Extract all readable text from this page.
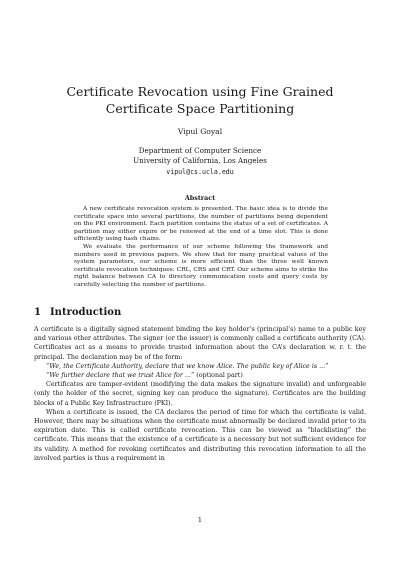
Certificate Revocation using Fine Grained
Certificate Space Partitioning
Vipul Goyal
Department of Computer Science
University of California, Los Angeles
vipul@cs.ucla.edu
Abstract

A new certificate revocation system is presented. The basic idea is to divide the certificate space into several partitions, the number of partitions being dependent on the PKI environment. Each partition contains the status of a set of certificates. A partition may either expire or be renewed at the end of a time slot. This is done efficiently using hash chains.

We evaluate the performance of our scheme following the framework and numbers used in previous papers. We show that for many practical values of the system parameters, our scheme is more efficient than the three well known certificate revocation techniques: CRL, CRS and CRT. Our scheme aims to strike the right balance between CA to directory communication costs and query costs by carefully selecting the number of partitions.

1 Introduction

A certificate is a digitally signed statement binding the key holder’s (principal’s) name to a public key and various other attributes. The signer (or the issuer) is commonly called a certificate authority (CA). Certificates act as a means to provide trusted information about the CA’s declaration w. r. t. the principal. The declaration may be of the form:

“We, the Certificate Authority, declare that we know Alice. The public key of Alice is ...”

“We further declare that we trust Alice for ...” (optional part)

Certificates are tamper-evident (modifying the data makes the signature invalid) and unforgeable (only the holder of the secret, signing key can produce the signature). Certificates are the building blocks of a Public Key Infrastructure (PKI).

When a certificate is issued, the CA declares the period of time for which the certificate is valid. However, there may be situations when the certificate must abnormally be declared invalid prior to its expiration date. This is called certificate revocation. This can be viewed as “blacklisting” the certificate. This means that the existence of a certificate is a necessary but not sufficient evidence for its validity. A method for revoking certificates and distributing this revocation information to all the involved parties is thus a requirement in

1
